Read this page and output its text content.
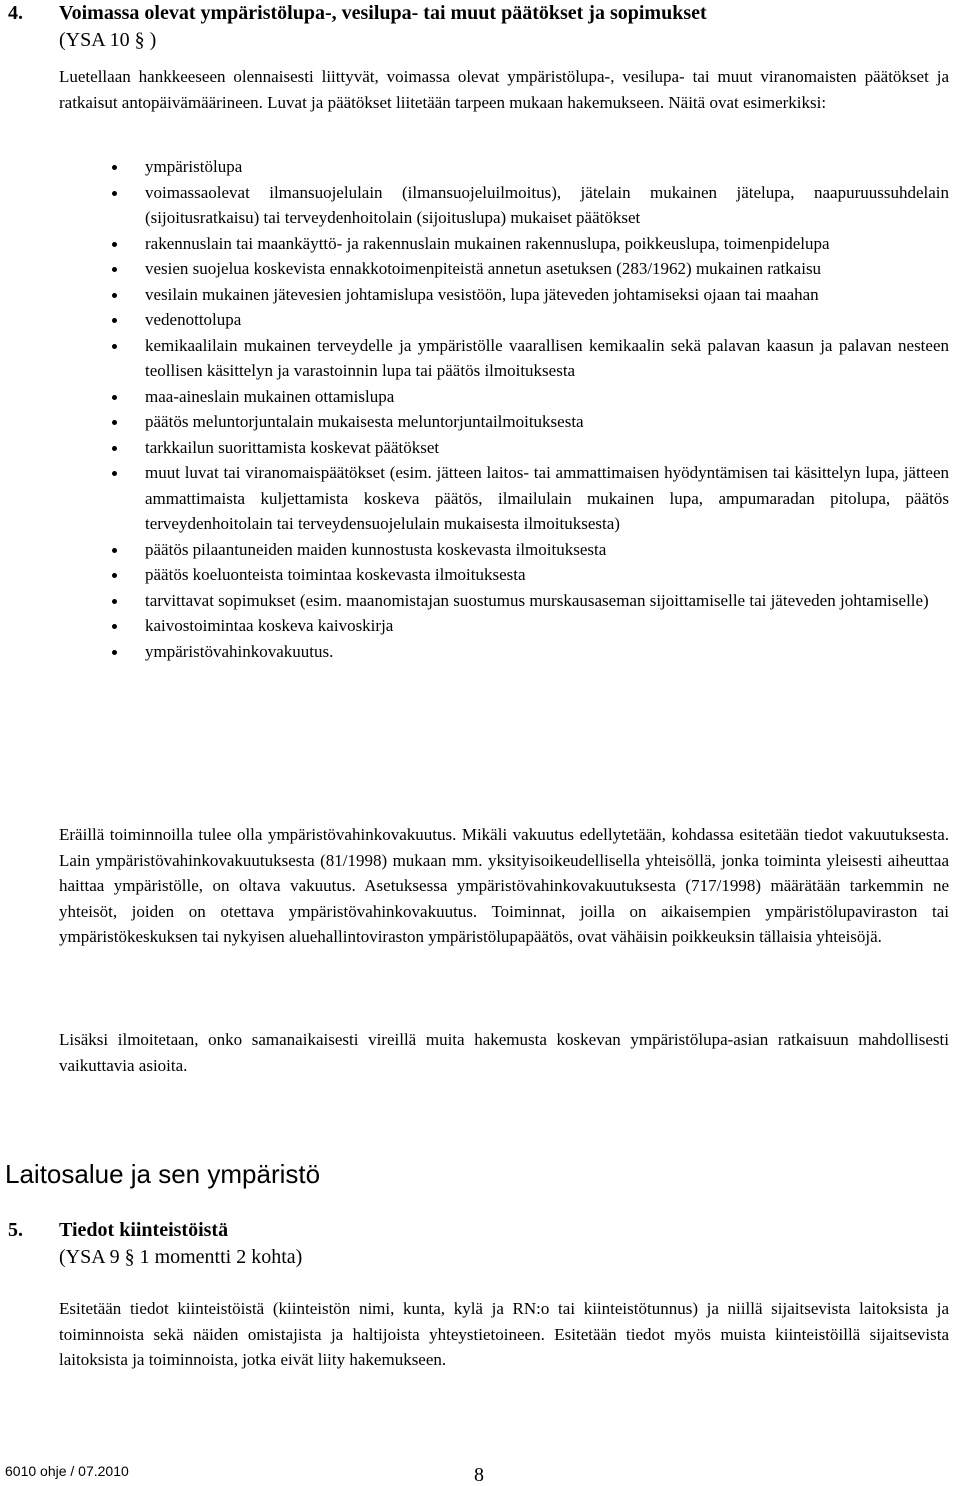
4. Voimassa olevat ympäristölupa-, vesilupa- tai muut päätökset ja sopimukset
(YSA 10 § )
Luetellaan hankkeeseen olennaisesti liittyvät, voimassa olevat ympäristölupa-, vesilupa- tai muut viranomaisten päätökset ja ratkaisut antopäivämäärineen. Luvat ja päätökset liitetään tarpeen mukaan hakemukseen. Näitä ovat esimerkiksi:
ympäristölupa
voimassaolevat ilmansuojelulain (ilmansuojeluilmoitus), jätelain mukainen jätelupa, naapuruussuhdelain (sijoitusratkaisu) tai terveydenhoitolain (sijoituslupa) mukaiset päätökset
rakennuslain tai maankäyttö- ja rakennuslain mukainen rakennuslupa, poikkeuslupa, toimenpidelupa
vesien suojelua koskevista ennakkotoimenpiteistä annetun asetuksen (283/1962) mukainen ratkaisu
vesilain mukainen jätevesien johtamislupa vesistöön, lupa jäteveden johtamiseksi ojaan tai maahan
vedenottolupa
kemikaalilain mukainen terveydelle ja ympäristölle vaarallisen kemikaalin sekä palavan kaasun ja palavan nesteen teollisen käsittelyn ja varastoinnin lupa tai päätös ilmoituksesta
maa-aineslain mukainen ottamislupa
päätös meluntorjuntalain mukaisesta meluntorjuntailmoituksesta
tarkkailun suorittamista koskevat päätökset
muut luvat tai viranomaispäätökset (esim. jätteen laitos- tai ammattimaisen hyödyntämisen tai käsittelyn lupa, jätteen ammattimaista kuljettamista koskeva päätös, ilmailulain mukainen lupa, ampumaradan pitolupa, päätös terveydenhoitolain tai terveydensuojelulain mukaisesta ilmoituksesta)
päätös pilaantuneiden maiden kunnostusta koskevasta ilmoituksesta
päätös koeluonteista toimintaa koskevasta ilmoituksesta
tarvittavat sopimukset (esim. maanomistajan suostumus murskausaseman sijoittamiselle tai jäteveden johtamiselle)
kaivostoimintaa koskeva kaivoskirja
ympäristövahinkovakuutus.
Eräillä toiminnoilla tulee olla ympäristövahinkovakuutus. Mikäli vakuutus edellytetään, kohdassa esitetään tiedot vakuutuksesta. Lain ympäristövahinkovakuutuksesta (81/1998) mukaan mm. yksityisoikeudellisella yhteisöllä, jonka toiminta yleisesti aiheuttaa haittaa ympäristölle, on oltava vakuutus. Asetuksessa ympäristövahinkovakuutuksesta (717/1998) määrätään tarkemmin ne yhteisöt, joiden on otettava ympäristövahinkovakuutus. Toiminnat, joilla on aikaisempien ympäristölupaviraston tai ympäristökeskuksen tai nykyisen aluehallintoviraston ympäristölupapäätös, ovat vähäisin poikkeuksin tällaisia yhteisöjä.
Lisäksi ilmoitetaan, onko samanaikaisesti vireillä muita hakemusta koskevan ympäristölupa-asian ratkaisuun mahdollisesti vaikuttavia asioita.
Laitosalue ja sen ympäristö
5. Tiedot kiinteistöistä
(YSA 9 § 1 momentti 2 kohta)
Esitetään tiedot kiinteistöistä (kiinteistön nimi, kunta, kylä ja RN:o tai kiinteistötunnus) ja niillä sijaitsevista laitoksista ja toiminnoista sekä näiden omistajista ja haltijoista yhteystietoineen. Esitetään tiedot myös muista kiinteistöillä sijaitsevista laitoksista ja toiminnoista, jotka eivät liity hakemukseen.
6010 ohje / 07.2010	8
